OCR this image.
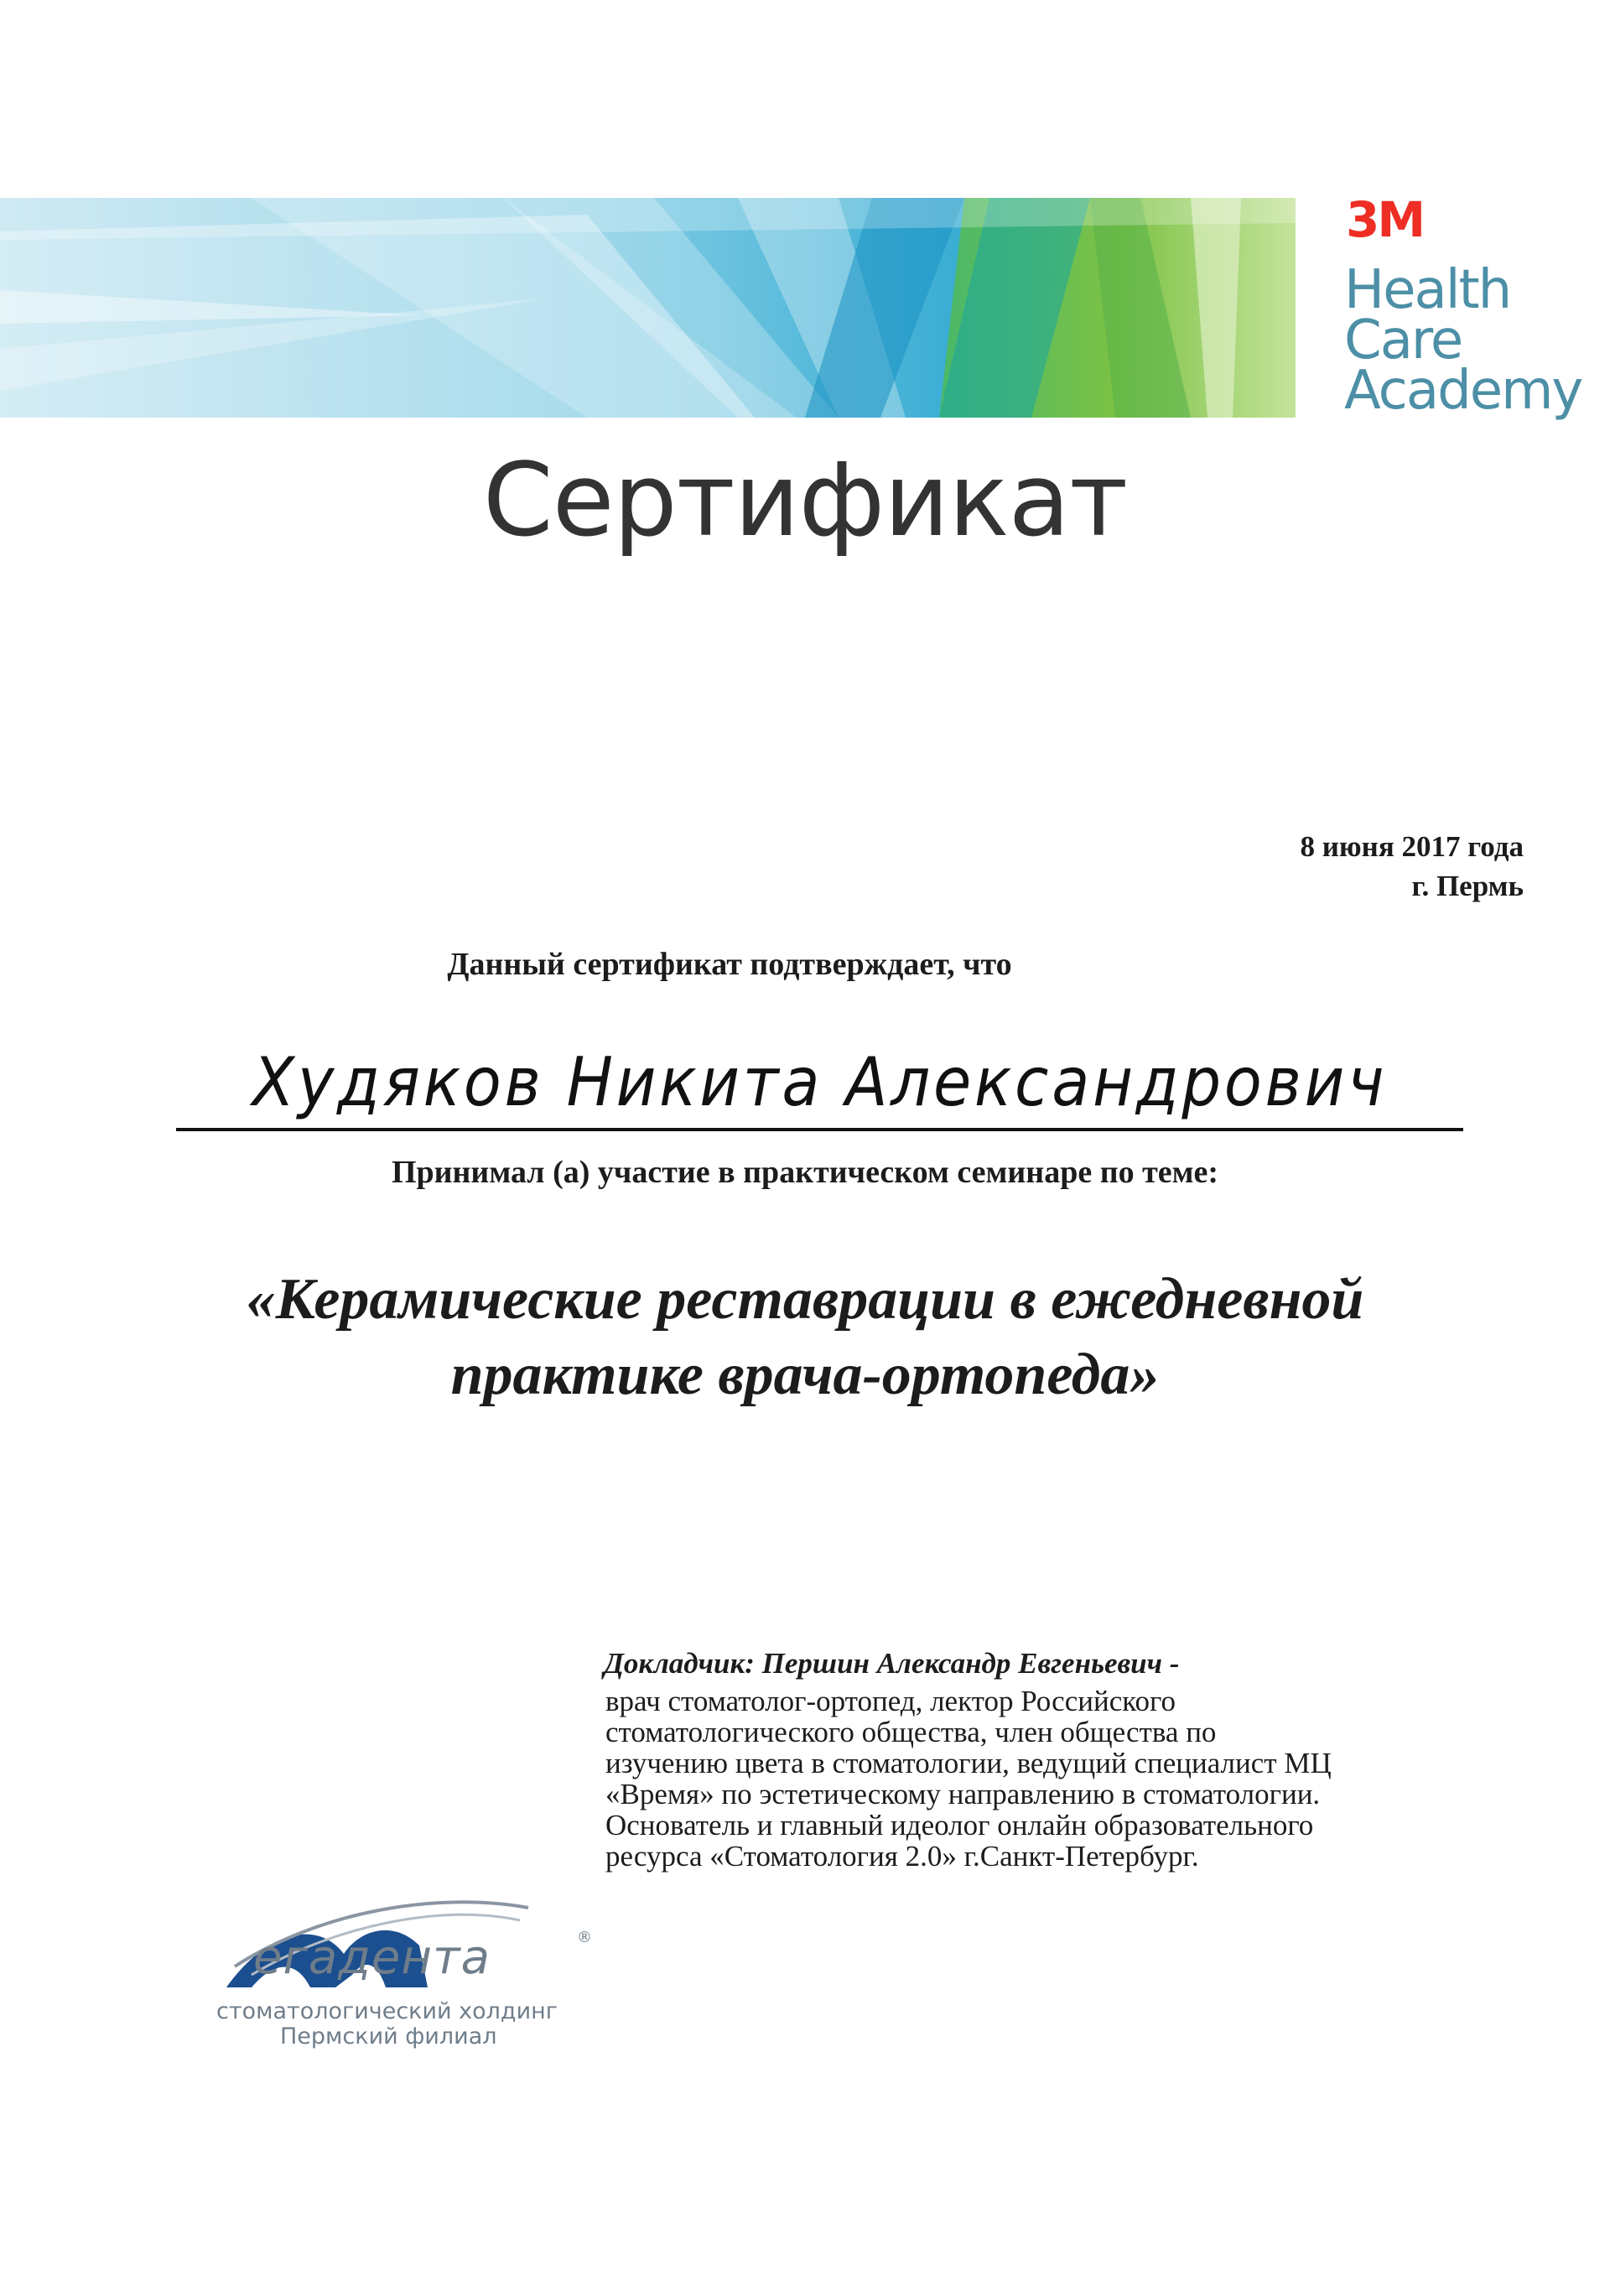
3M
Health
Care
Academy
Сертификат
8 июня 2017 года
г. Пермь
Данный сертификат подтверждает, что
Худяков Никита Александрович
Принимал (а) участие в практическом семинаре по теме:
«Керамические реставрации в ежедневной
практике врача-ортопеда»
Докладчик: Першин Александр Евгеньевич -
врач стоматолог-ортопед, лектор Российского
стоматологического общества, член общества по
изучению цвета в стоматологии, ведущий специалист МЦ
«Время» по эстетическому направлению в стоматологии.
Основатель и главный идеолог онлайн образовательного
ресурса «Стоматология 2.0» г.Санкт-Петербург.
егадента	®
стоматологический холдинг
Пермский филиал
